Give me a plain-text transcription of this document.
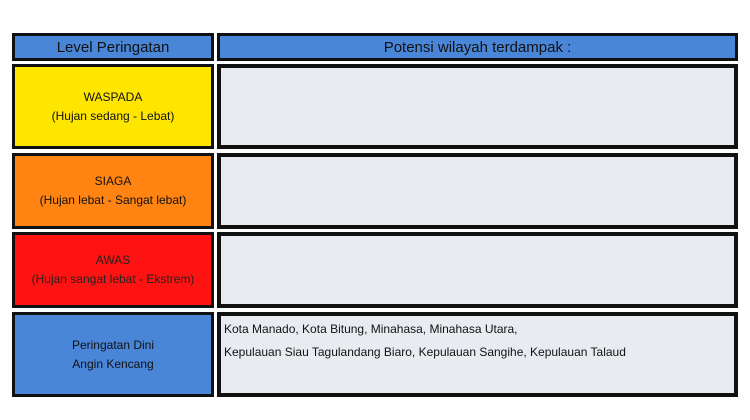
Level Peringatan	Potensi wilayah terdampak :
WASPADA
(Hujan sedang - Lebat)
SIAGA
(Hujan lebat - Sangat lebat)
AWAS
(Hujan sangat lebat - Ekstrem)
Peringatan Dini
Angin Kencang
Kota Manado, Kota Bitung, Minahasa, Minahasa Utara,
Kepulauan Siau Tagulandang Biaro, Kepulauan Sangihe, Kepulauan Talaud
